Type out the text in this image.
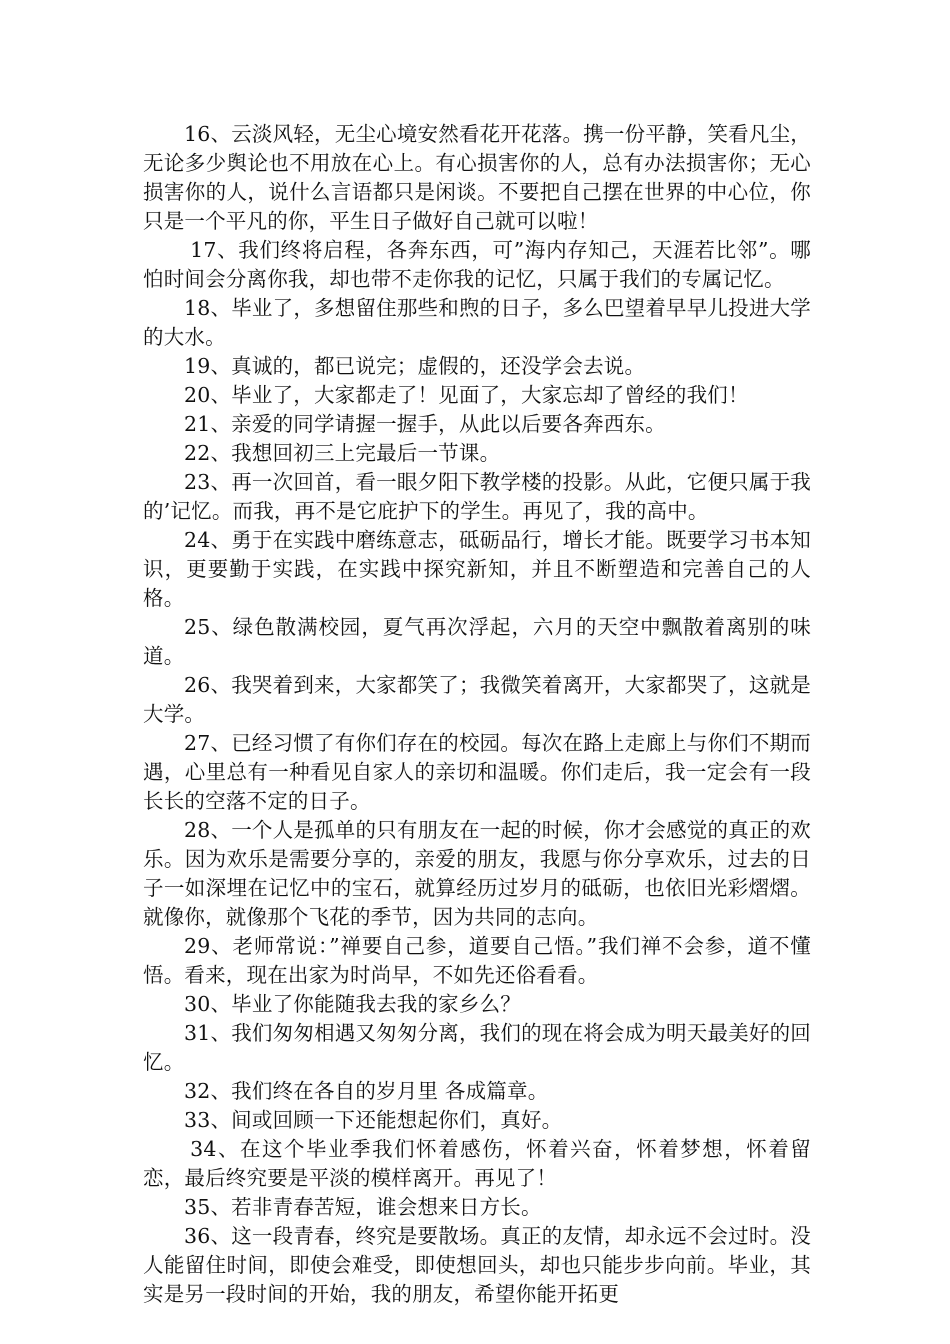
16、云淡风轻，无尘心境安然看花开花落。携一份平静，笑看凡尘，无论多少舆论也不用放在心上。有心损害你的人，总有办法损害你；无心损害你的人，说什么言语都只是闲谈。不要把自己摆在世界的中心位，你只是一个平凡的你，平生日子做好自己就可以啦！

17、我们终将启程，各奔东西，可”海内存知己，天涯若比邻”。哪怕时间会分离你我，却也带不走你我的记忆，只属于我们的专属记忆。

18、毕业了，多想留住那些和煦的日子，多么巴望着早早儿投进大学的大水。

19、真诚的，都已说完；虚假的，还没学会去说。

20、毕业了，大家都走了！见面了，大家忘却了曾经的我们！

21、亲爱的同学请握一握手，从此以后要各奔西东。

22、我想回初三上完最后一节课。

23、再一次回首，看一眼夕阳下教学楼的投影。从此，它便只属于我的’记忆。而我，再不是它庇护下的学生。再见了，我的高中。

24、勇于在实践中磨练意志，砥砺品行，增长才能。既要学习书本知识，更要勤于实践，在实践中探究新知，并且不断塑造和完善自己的人格。

25、绿色散满校园，夏气再次浮起，六月的天空中飘散着离别的味道。

26、我哭着到来，大家都笑了；我微笑着离开，大家都哭了，这就是大学。

27、已经习惯了有你们存在的校园。每次在路上走廊上与你们不期而遇，心里总有一种看见自家人的亲切和温暖。你们走后，我一定会有一段长长的空落不定的日子。

28、一个人是孤单的只有朋友在一起的时候，你才会感觉的真正的欢乐。因为欢乐是需要分享的，亲爱的朋友，我愿与你分享欢乐，过去的日子一如深埋在记忆中的宝石，就算经历过岁月的砥砺，也依旧光彩熠熠。就像你，就像那个飞花的季节，因为共同的志向。

29、老师常说：”禅要自己参，道要自己悟。”我们禅不会参，道不懂悟。看来，现在出家为时尚早，不如先还俗看看。

30、毕业了你能随我去我的家乡么？

31、我们匆匆相遇又匆匆分离，我们的现在将会成为明天最美好的回忆。

32、我们终在各自的岁月里 各成篇章。

33、间或回顾一下还能想起你们，真好。

34、在这个毕业季我们怀着感伤，怀着兴奋，怀着梦想，怀着留恋，最后终究要是平淡的模样离开。再见了！

35、若非青春苦短，谁会想来日方长。

36、这一段青春，终究是要散场。真正的友情，却永远不会过时。没人能留住时间，即使会难受，即使想回头，却也只能步步向前。毕业，其实是另一段时间的开始，我的朋友，希望你能开拓更
